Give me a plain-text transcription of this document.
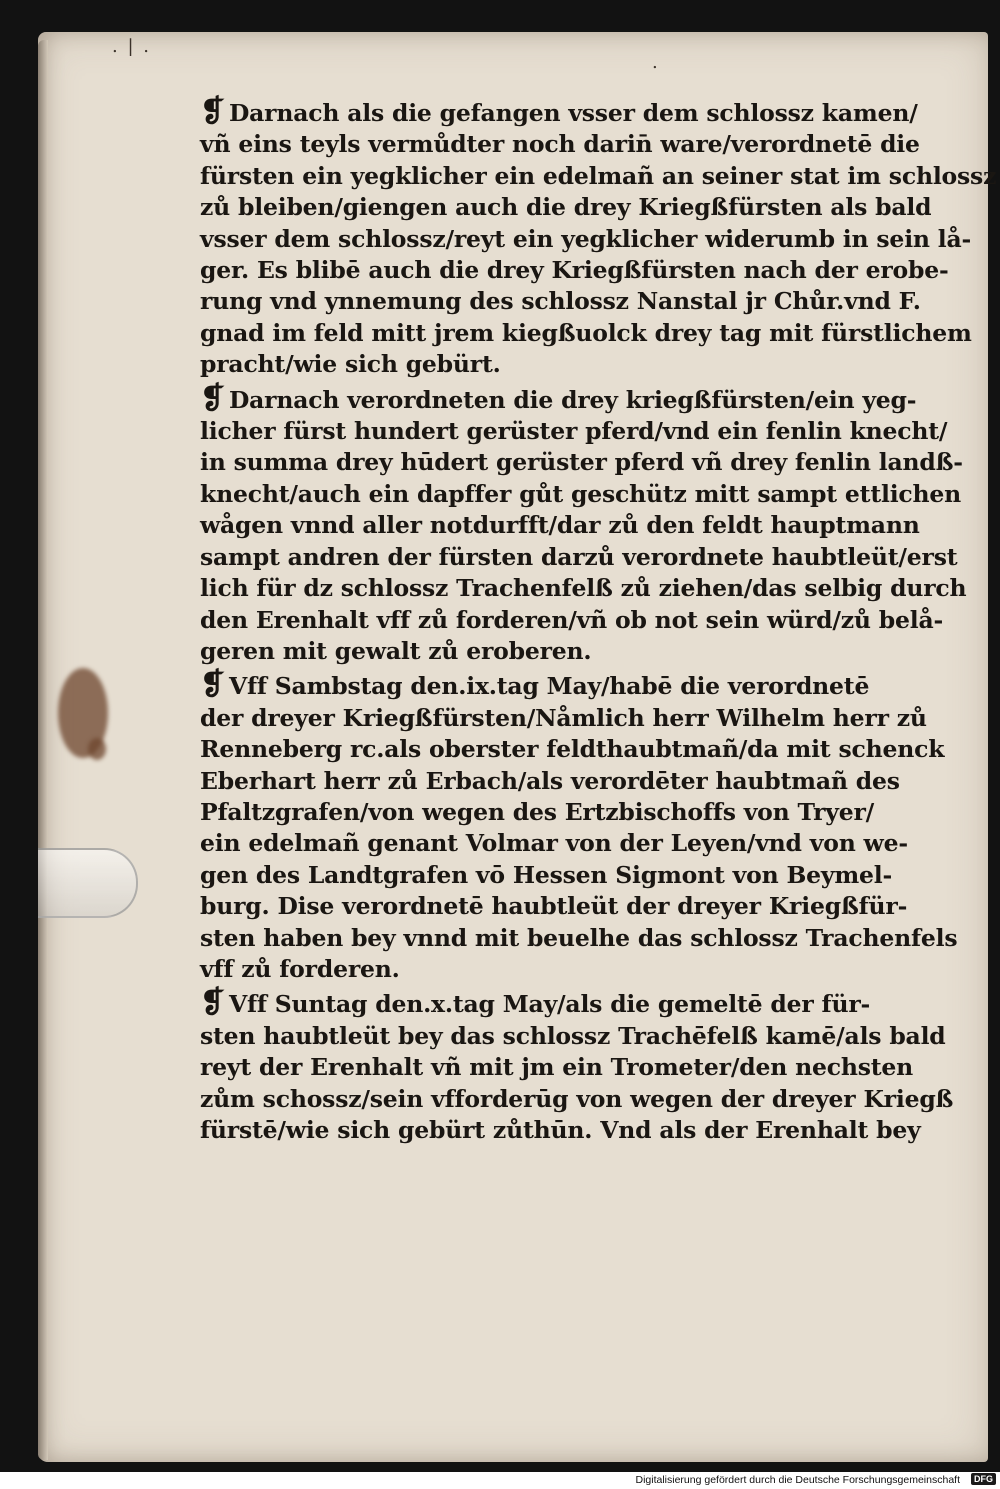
. | .
.
❡ Darnach als die gefangen vsser dem schlossz kamen/
vñ eins teyls vermůdter noch darin̄ ware/verordnetē die
fürsten ein yegklicher ein edelmañ an seiner stat im schlossz
zů bleiben/giengen auch die drey Kriegßfürsten als bald
vsser dem schlossz/reyt ein yegklicher widerumb in sein lå-
ger. Es blibē auch die drey Kriegßfürsten nach der erobe-
rung vnd ynnemung des schlossz Nanstal jr Chůr.vnd F.
gnad im feld mitt jrem kiegßuolck drey tag mit fürstlichem
pracht/wie sich gebürt.
❡ Darnach verordneten die drey kriegßfürsten/ein yeg-
licher fürst hundert gerüster pferd/vnd ein fenlin knecht/
in summa drey hūdert gerüster pferd vñ drey fenlin landß-
knecht/auch ein dapffer gůt geschütz mitt sampt ettlichen
wågen vnnd aller notdurfft/dar zů den feldt hauptmann
sampt andren der fürsten darzů verordnete haubtleüt/erst
lich für dz schlossz Trachenfelß zů ziehen/das selbig durch
den Erenhalt vff zů forderen/vñ ob not sein würd/zů belå-
geren mit gewalt zů eroberen.
❡ Vff Sambstag den.ix.tag May/habē die verordnetē
der dreyer Kriegßfürsten/Nåmlich herr Wilhelm herr zů
Renneberg rc.als oberster feldthaubtmañ/da mit schenck
Eberhart herr zů Erbach/als verordēter haubtmañ des
Pfaltzgrafen/von wegen des Ertzbischoffs von Tryer/
ein edelmañ genant Volmar von der Leyen/vnd von we-
gen des Landtgrafen vō Hessen Sigmont von Beymel-
burg. Dise verordnetē haubtleüt der dreyer Kriegßfür-
sten haben bey vnnd mit beuelhe das schlossz Trachenfels
vff zů forderen.
❡ Vff Suntag den.x.tag May/als die gemeltē der für-
sten haubtleüt bey das schlossz Trachēfelß kamē/als bald
reyt der Erenhalt vñ mit jm ein Trometer/den nechsten
zům schossz/sein vfforderūg von wegen der dreyer Kriegß
fürstē/wie sich gebürt zůthūn. Vnd als der Erenhalt bey
Digitalisierung gefördert durch die Deutsche Forschungsgemeinschaft	DFG
